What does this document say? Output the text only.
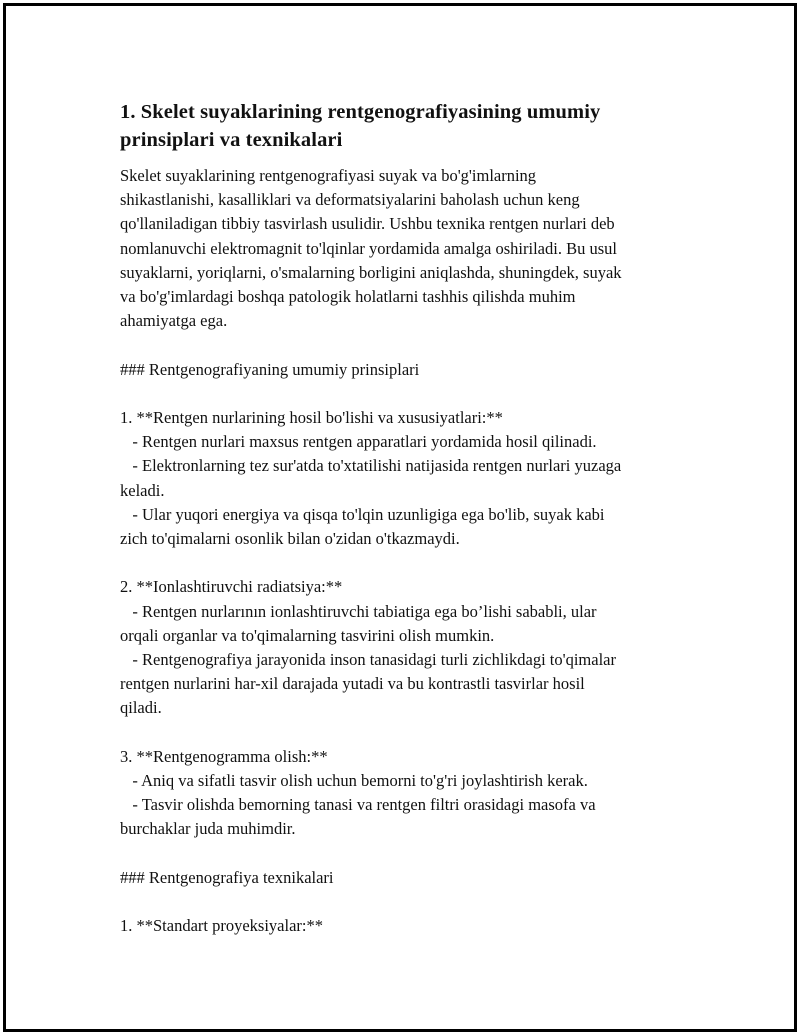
1. Skelet suyaklarining rentgenografiyasining umumiy
prinsiplari va texnikalari

Skelet suyaklarining rentgenografiyasi suyak va bo'g'imlarning

shikastlanishi, kasalliklari va deformatsiyalarini baholash uchun keng

qo'llaniladigan tibbiy tasvirlash usulidir. Ushbu texnika rentgen nurlari deb

nomlanuvchi elektromagnit to'lqinlar yordamida amalga oshiriladi. Bu usul

suyaklarni, yoriqlarni, o'smalarning borligini aniqlashda, shuningdek, suyak

va bo'g'imlardagi boshqa patologik holatlarni tashhis qilishda muhim

ahamiyatga ega.

### Rentgenografiyaning umumiy prinsiplari

1. **Rentgen nurlarining hosil bo'lishi va xususiyatlari:**

- Rentgen nurlari maxsus rentgen apparatlari yordamida hosil qilinadi.

- Elektronlarning tez sur'atda to'xtatilishi natijasida rentgen nurlari yuzaga

keladi.

- Ular yuqori energiya va qisqa to'lqin uzunligiga ega bo'lib, suyak kabi

zich to'qimalarni osonlik bilan o'zidan o'tkazmaydi.

2. **Ionlashtiruvchi radiatsiya:**

- Rentgen nurlarının ionlashtiruvchi tabiatiga ega bo’lishi sababli, ular

orqali organlar va to'qimalarning tasvirini olish mumkin.

- Rentgenografiya jarayonida inson tanasidagi turli zichlikdagi to'qimalar

rentgen nurlarini har-xil darajada yutadi va bu kontrastli tasvirlar hosil

qiladi.

3. **Rentgenogramma olish:**

- Aniq va sifatli tasvir olish uchun bemorni to'g'ri joylashtirish kerak.

- Tasvir olishda bemorning tanasi va rentgen filtri orasidagi masofa va

burchaklar juda muhimdir.

### Rentgenografiya texnikalari

1. **Standart proyeksiyalar:**
